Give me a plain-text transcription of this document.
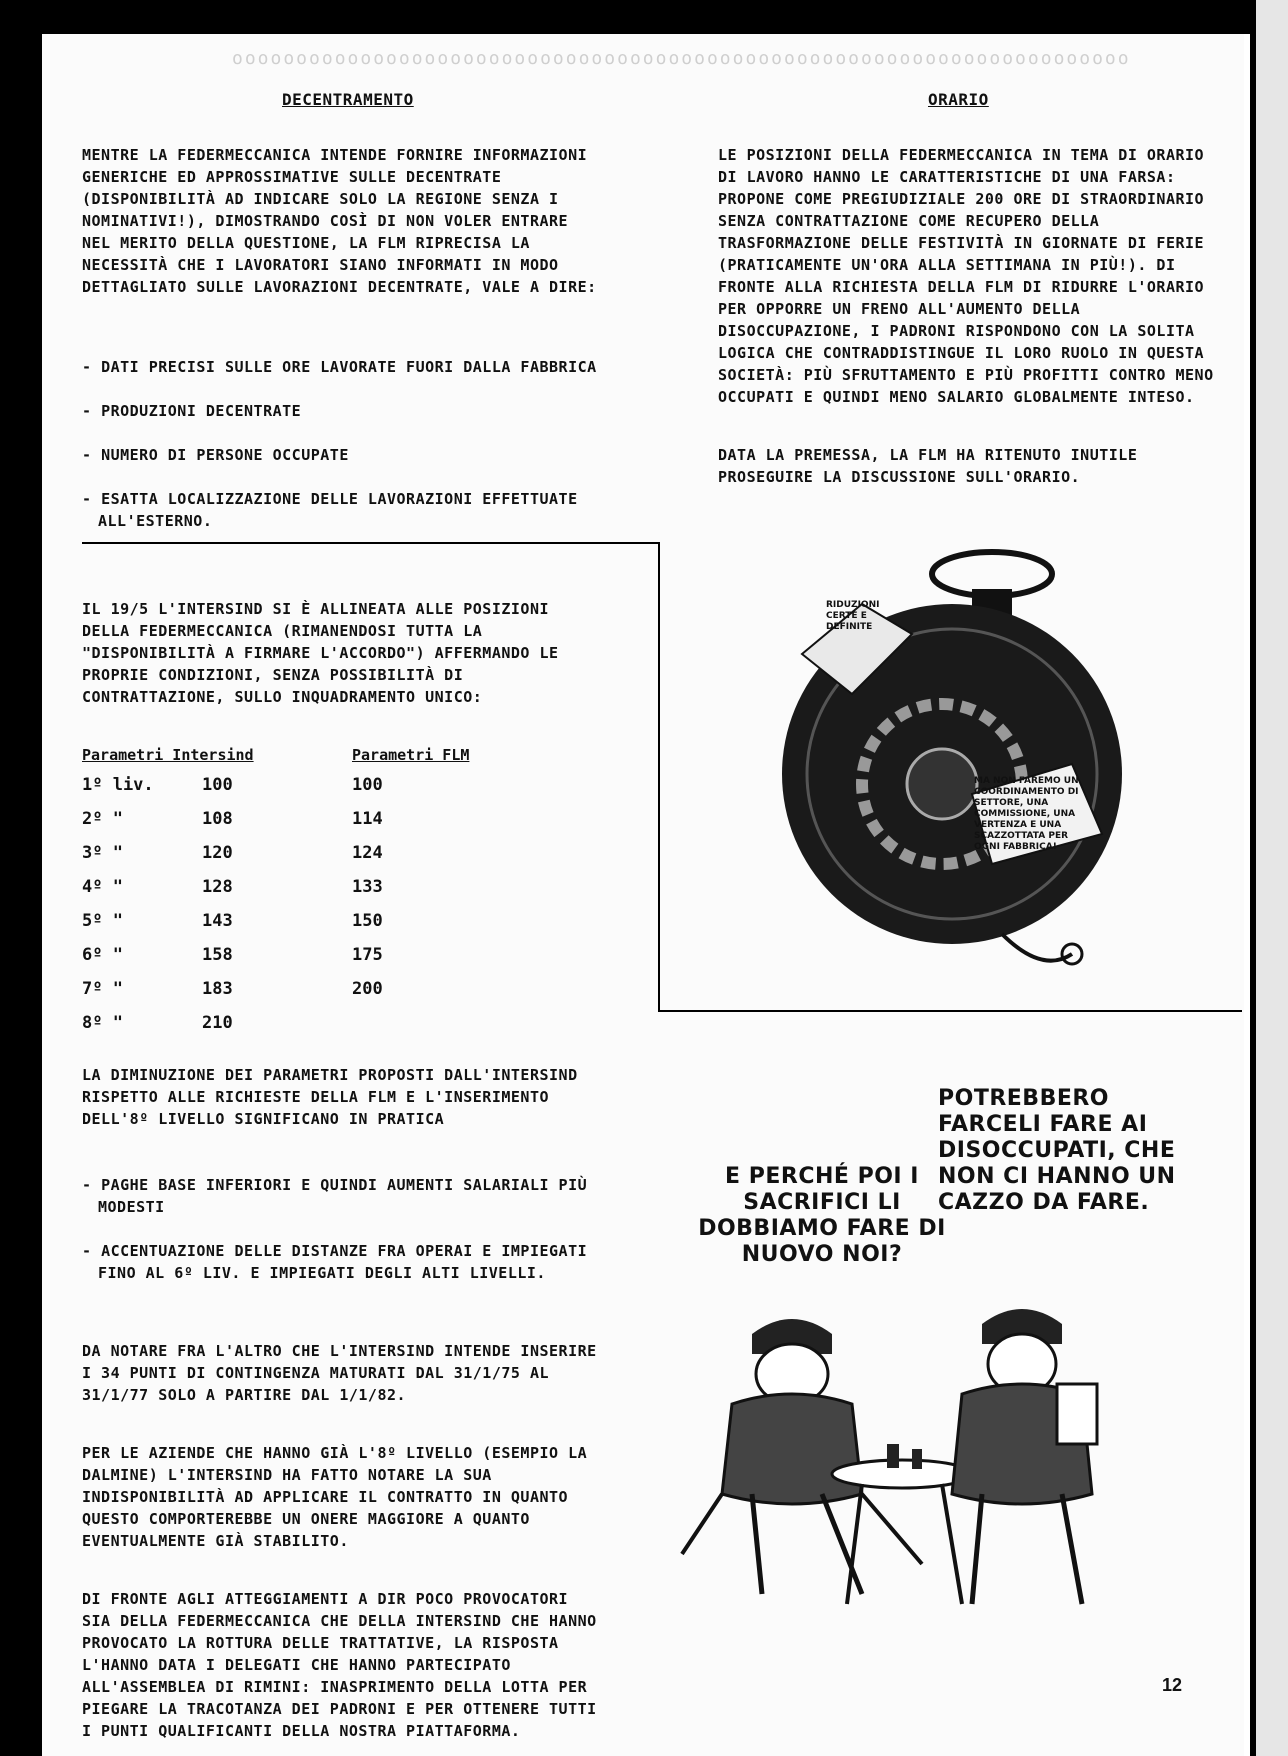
oooooooooooooooooooooooooooooooooooooooooooooooooooooooooooooooooooooo
DECENTRAMENTO

MENTRE LA FEDERMECCANICA INTENDE FORNIRE INFORMAZIONI GENERICHE ED APPROSSIMATIVE SULLE DECENTRATE (DISPONIBILITÀ AD INDICARE SOLO LA REGIONE SENZA I NOMINATIVI!), DIMOSTRANDO COSÌ DI NON VOLER ENTRARE NEL MERITO DELLA QUESTIONE, LA FLM RIPRECISA LA NECESSITÀ CHE I LAVORATORI SIANO INFORMATI IN MODO DETTAGLIATO SULLE LAVORAZIONI DECENTRATE, VALE A DIRE:

- DATI PRECISI SULLE ORE LAVORATE FUORI DALLA FABBRICA

- PRODUZIONI DECENTRATE

- NUMERO DI PERSONE OCCUPATE

- ESATTA LOCALIZZAZIONE DELLE LAVORAZIONI EFFETTUATE ALL'ESTERNO.

ORARIO

LE POSIZIONI DELLA FEDERMECCANICA IN TEMA DI ORARIO DI LAVORO HANNO LE CARATTERISTICHE DI UNA FARSA: PROPONE COME PREGIUDIZIALE 200 ORE DI STRAORDINARIO SENZA CONTRATTAZIONE COME RECUPERO DELLA TRASFORMAZIONE DELLE FESTIVITÀ IN GIORNATE DI FERIE (PRATICAMENTE UN'ORA ALLA SETTIMANA IN PIÙ!). DI FRONTE ALLA RICHIESTA DELLA FLM DI RIDURRE L'ORARIO PER OPPORRE UN FRENO ALL'AUMENTO DELLA DISOCCUPAZIONE, I PADRONI RISPONDONO CON LA SOLITA LOGICA CHE CONTRADDISTINGUE IL LORO RUOLO IN QUESTA SOCIETÀ: PIÙ SFRUTTAMENTO E PIÙ PROFITTI CONTRO MENO OCCUPATI E QUINDI MENO SALARIO GLOBALMENTE INTESO.

DATA LA PREMESSA, LA FLM HA RITENUTO INUTILE PROSEGUIRE LA DISCUSSIONE SULL'ORARIO.

IL 19/5 L'INTERSIND SI È ALLINEATA ALLE POSIZIONI DELLA FEDERMECCANICA (RIMANENDOSI TUTTA LA "DISPONIBILITÀ A FIRMARE L'ACCORDO") AFFERMANDO LE PROPRIE CONDIZIONI, SENZA POSSIBILITÀ DI CONTRATTAZIONE, SULLO INQUADRAMENTO UNICO:
Parametri Intersind		Parametri FLM
1º liv.	100	100
2º "	108	114
3º "	120	124
4º "	128	133
5º "	143	150
6º "	158	175
7º "	183	200
8º "	210	

LA DIMINUZIONE DEI PARAMETRI PROPOSTI DALL'INTERSIND RISPETTO ALLE RICHIESTE DELLA FLM E L'INSERIMENTO DELL'8º LIVELLO SIGNIFICANO IN PRATICA

- PAGHE BASE INFERIORI E QUINDI AUMENTI SALARIALI PIÙ MODESTI

- ACCENTUAZIONE DELLE DISTANZE FRA OPERAI E IMPIEGATI FINO AL 6º LIV. E IMPIEGATI DEGLI ALTI LIVELLI.

DA NOTARE FRA L'ALTRO CHE L'INTERSIND INTENDE INSERIRE I 34 PUNTI DI CONTINGENZA MATURATI DAL 31/1/75 AL 31/1/77 SOLO A PARTIRE DAL 1/1/82.

PER LE AZIENDE CHE HANNO GIÀ L'8º LIVELLO (ESEMPIO LA DALMINE) L'INTERSIND HA FATTO NOTARE LA SUA INDISPONIBILITÀ AD APPLICARE IL CONTRATTO IN QUANTO QUESTO COMPORTEREBBE UN ONERE MAGGIORE A QUANTO EVENTUALMENTE GIÀ STABILITO.

DI FRONTE AGLI ATTEGGIAMENTI A DIR POCO PROVOCATORI SIA DELLA FEDERMECCANICA CHE DELLA INTERSIND CHE HANNO PROVOCATO LA ROTTURA DELLE TRATTATIVE, LA RISPOSTA L'HANNO DATA I DELEGATI CHE HANNO PARTECIPATO ALL'ASSEMBLEA DI RIMINI: INASPRIMENTO DELLA LOTTA PER PIEGARE LA TRACOTANZA DEI PADRONI E PER OTTENERE TUTTI I PUNTI QUALIFICANTI DELLA NOSTRA PIATTAFORMA.

RIDUZIONI CERTE E DEFINITE
MA NON FAREMO UN COORDINAMENTO DI SETTORE, UNA COMMISSIONE, UNA VERTENZA E UNA SCAZZOTTATA PER OGNI FABBRICA!
E PERCHÉ POI I SACRIFICI LI DOBBIAMO FARE DI NUOVO NOI?
POTREBBERO FARCELI FARE AI DISOCCUPATI, CHE NON CI HANNO UN CAZZO DA FARE.
12
